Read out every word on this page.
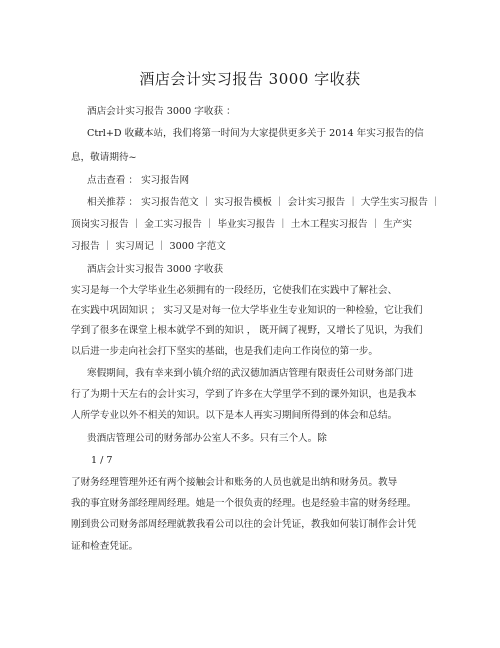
酒店会计实习报告 3000 字收获
酒店会计实习报告 3000 字收获 ：
Ctrl+D 收藏本站，我们将第一时间为大家提供更多关于 2014 年实习报告的信
息，敬请期待~
点击查看 ： 实习报告网
相关推荐 ： 实习报告范文 ｜ 实习报告模板 ｜ 会计实习报告 ｜ 大学生实习报告 ｜
顶岗实习报告 ｜ 金工实习报告 ｜ 毕业实习报告 ｜ 土木工程实习报告 ｜ 生产实
习报告 ｜ 实习周记 ｜ 3000 字范文
酒店会计实习报告 3000 字收获
实习是每一个大学毕业生必须拥有的一段经历，它使我们在实践中了解社会、
在实践中巩固知识 ； 实习又是对每一位大学毕业生专业知识的一种检验，它让我们
学到了很多在课堂上根本就学不到的知识 ， 既开阔了视野，又增长了见识，为我们
以后进一步走向社会打下坚实的基础，也是我们走向工作岗位的第一步。
寒假期间，我有幸来到小镇介绍的武汉德加酒店管理有限责任公司财务部门进
行了为期十天左右的会计实习，学到了许多在大学里学不到的课外知识，也是我本
人所学专业以外不相关的知识。以下是本人再实习期间所得到的体会和总结。
贵酒店管理公司的财务部办公室人不多。只有三个人。除
1 / 7
了财务经理管理外还有两个接触会计和账务的人员也就是出纳和财务员。教导
我的事宜财务部经理周经理。她是一个很负责的经理。也是经验丰富的财务经理。
刚到贵公司财务部周经理就教我看公司以往的会计凭证，教我如何装订制作会计凭
证和检查凭证。
